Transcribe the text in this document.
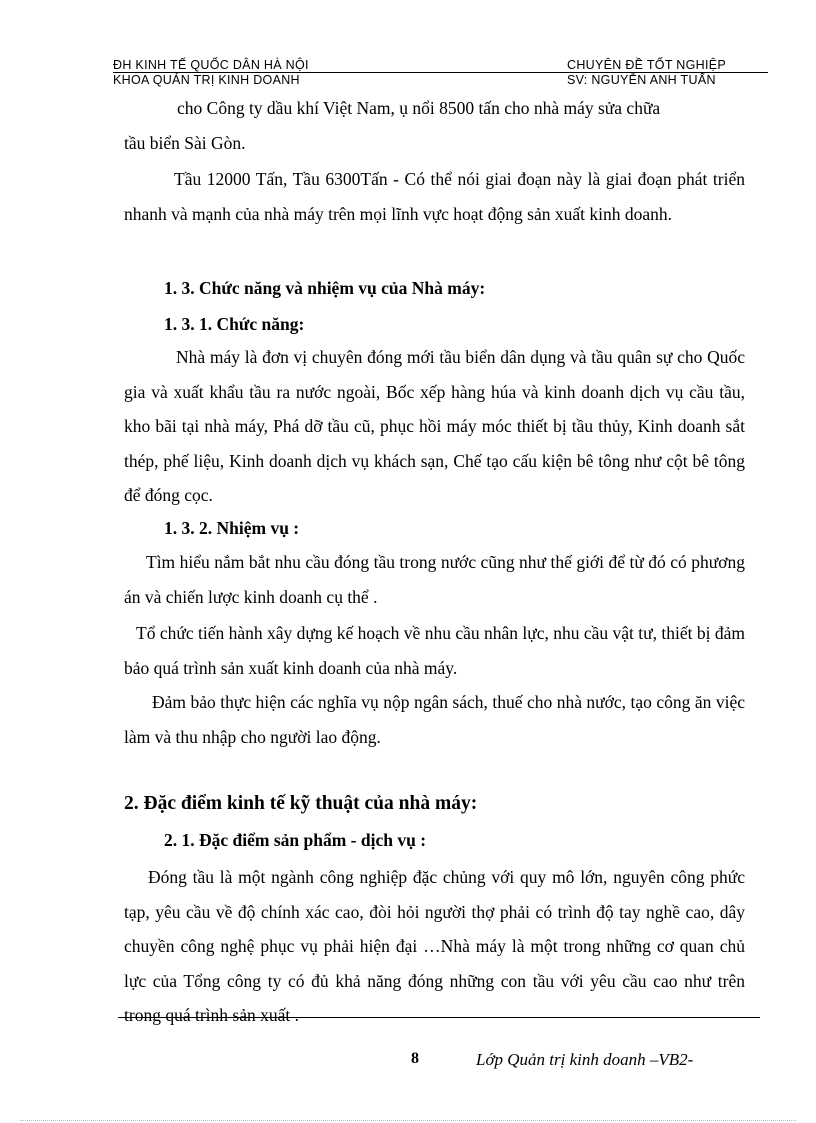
ĐH KINH TẾ QUỐC DÂN HÀ NỘI
KHOA QUẢN TRỊ KINH DOANH
CHUYÊN ĐỀ TỐT NGHIỆP
SV: NGUYỄN ANH TUẤN

cho Công ty dầu khí Việt Nam, ụ nổi 8500 tấn cho nhà máy sửa chữa

tầu biển Sài Gòn.

Tầu 12000 Tấn, Tầu 6300Tấn - Có thể nói giai đoạn này là giai đoạn phát triển nhanh và mạnh của nhà máy trên mọi lĩnh vực hoạt động sản xuất kinh doanh.

1. 3. Chức năng và nhiệm vụ của Nhà máy:

1. 3. 1. Chức năng:

Nhà máy là đơn vị chuyên đóng mới tầu biển dân dụng và tầu quân sự cho Quốc gia và xuất khẩu tầu ra nước ngoài, Bốc xếp hàng húa và kinh doanh dịch vụ cầu tầu, kho bãi tại nhà máy, Phá dỡ tầu cũ, phục hồi máy móc thiết bị tầu thủy, Kinh doanh sắt thép, phế liệu, Kinh doanh dịch vụ khách sạn, Chế tạo cấu kiện bê tông như cột bê tông để đóng cọc.

1. 3. 2. Nhiệm vụ :

Tìm hiểu nắm bắt nhu cầu đóng tầu trong nước cũng như thế giới để từ đó có phương án và chiến lược kinh doanh cụ thể .

Tổ chức tiến hành xây dựng kế hoạch về nhu cầu nhân lực, nhu cầu vật tư, thiết bị đảm bảo quá trình sản xuất kinh doanh của nhà máy.

Đảm bảo thực hiện các nghĩa vụ nộp ngân sách, thuế cho nhà nước, tạo công ăn việc làm và thu nhập cho người lao động.

2. Đặc điểm kinh tế kỹ thuật của nhà máy:

2. 1. Đặc điểm sản phẩm - dịch vụ :

Đóng tầu là một ngành công nghiệp đặc chủng với quy mô lớn, nguyên công phức tạp, yêu cầu về độ chính xác cao, đòi hỏi người thợ phải có trình độ tay nghề cao, dây chuyền công nghệ phục vụ phải hiện đại …Nhà máy là một trong những cơ quan chủ lực của Tổng công ty có đủ khả năng đóng những con tầu với yêu cầu cao như trên trong quá trình sản xuất .

8	Lớp Quản trị kinh doanh –VB2-
